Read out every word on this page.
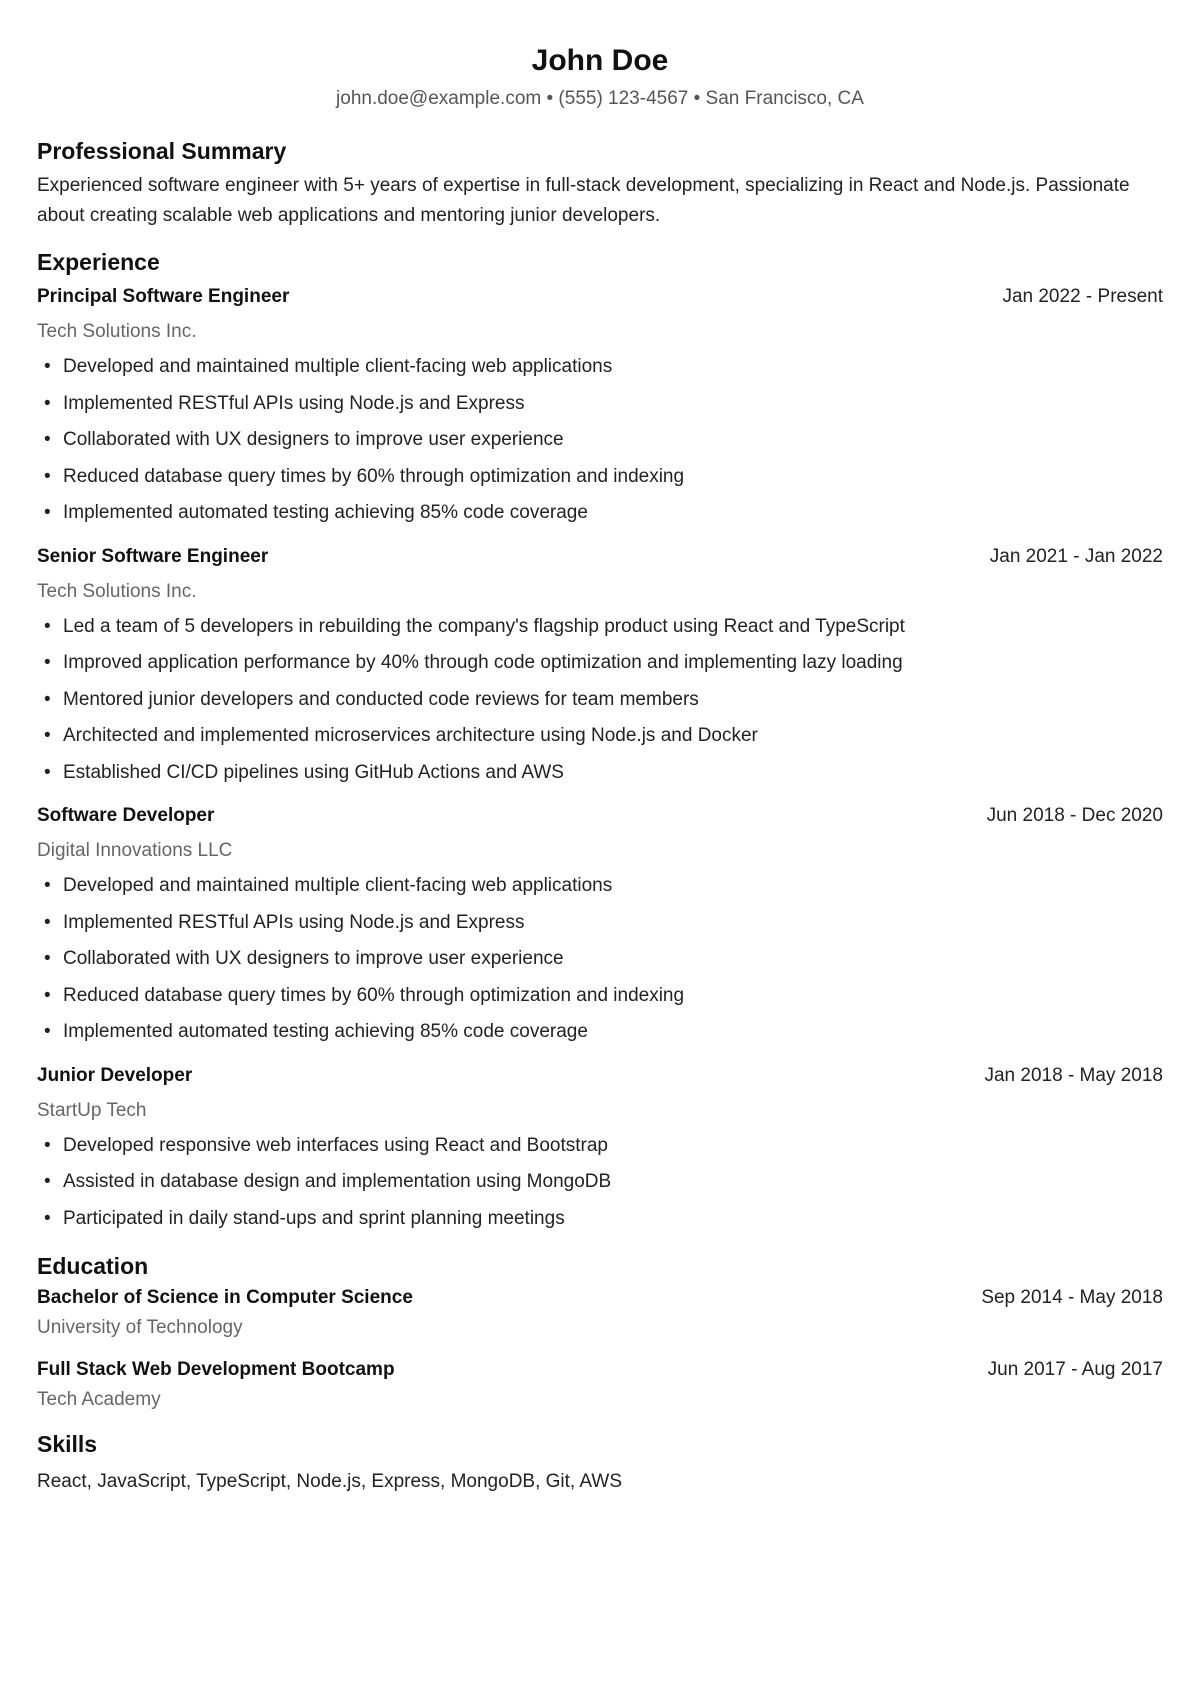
John Doe
john.doe@example.com • (555) 123-4567 • San Francisco, CA
Professional Summary
Experienced software engineer with 5+ years of expertise in full-stack development, specializing in React and Node.js. Passionate about creating scalable web applications and mentoring junior developers.
Experience
Principal Software Engineer	Jan 2022 - Present
Tech Solutions Inc.
• Developed and maintained multiple client-facing web applications
• Implemented RESTful APIs using Node.js and Express
• Collaborated with UX designers to improve user experience
• Reduced database query times by 60% through optimization and indexing
• Implemented automated testing achieving 85% code coverage
Senior Software Engineer	Jan 2021 - Jan 2022
Tech Solutions Inc.
• Led a team of 5 developers in rebuilding the company's flagship product using React and TypeScript
• Improved application performance by 40% through code optimization and implementing lazy loading
• Mentored junior developers and conducted code reviews for team members
• Architected and implemented microservices architecture using Node.js and Docker
• Established CI/CD pipelines using GitHub Actions and AWS
Software Developer	Jun 2018 - Dec 2020
Digital Innovations LLC
• Developed and maintained multiple client-facing web applications
• Implemented RESTful APIs using Node.js and Express
• Collaborated with UX designers to improve user experience
• Reduced database query times by 60% through optimization and indexing
• Implemented automated testing achieving 85% code coverage
Junior Developer	Jan 2018 - May 2018
StartUp Tech
• Developed responsive web interfaces using React and Bootstrap
• Assisted in database design and implementation using MongoDB
• Participated in daily stand-ups and sprint planning meetings
Education
Bachelor of Science in Computer Science	Sep 2014 - May 2018
University of Technology
Full Stack Web Development Bootcamp	Jun 2017 - Aug 2017
Tech Academy
Skills
React, JavaScript, TypeScript, Node.js, Express, MongoDB, Git, AWS
